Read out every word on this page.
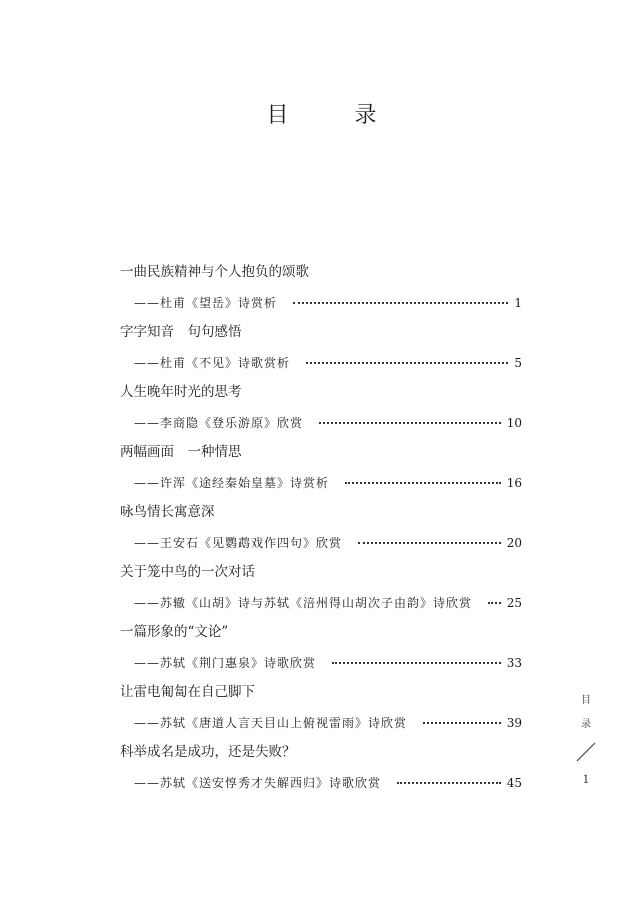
目　录
一曲民族精神与个人抱负的颂歌
——杜甫《望岳》诗赏析	1
字字知音　句句感悟
——杜甫《不见》诗歌赏析	5
人生晚年时光的思考
——李商隐《登乐游原》欣赏	10
两幅画面　一种情思
——许浑《途经秦始皇墓》诗赏析	16
咏鸟情长寓意深
——王安石《见鹦鹉戏作四句》欣赏	20
关于笼中鸟的一次对话
——苏辙《山胡》诗与苏轼《涪州得山胡次子由韵》诗欣赏	25
一篇形象的“文论”
——苏轼《荆门惠泉》诗歌欣赏	33
让雷电匍匐在自己脚下
——苏轼《唐道人言天目山上俯视雷雨》诗欣赏	39
科举成名是成功，还是失败？
——苏轼《送安惇秀才失解西归》诗歌欣赏	45
目
录
1
